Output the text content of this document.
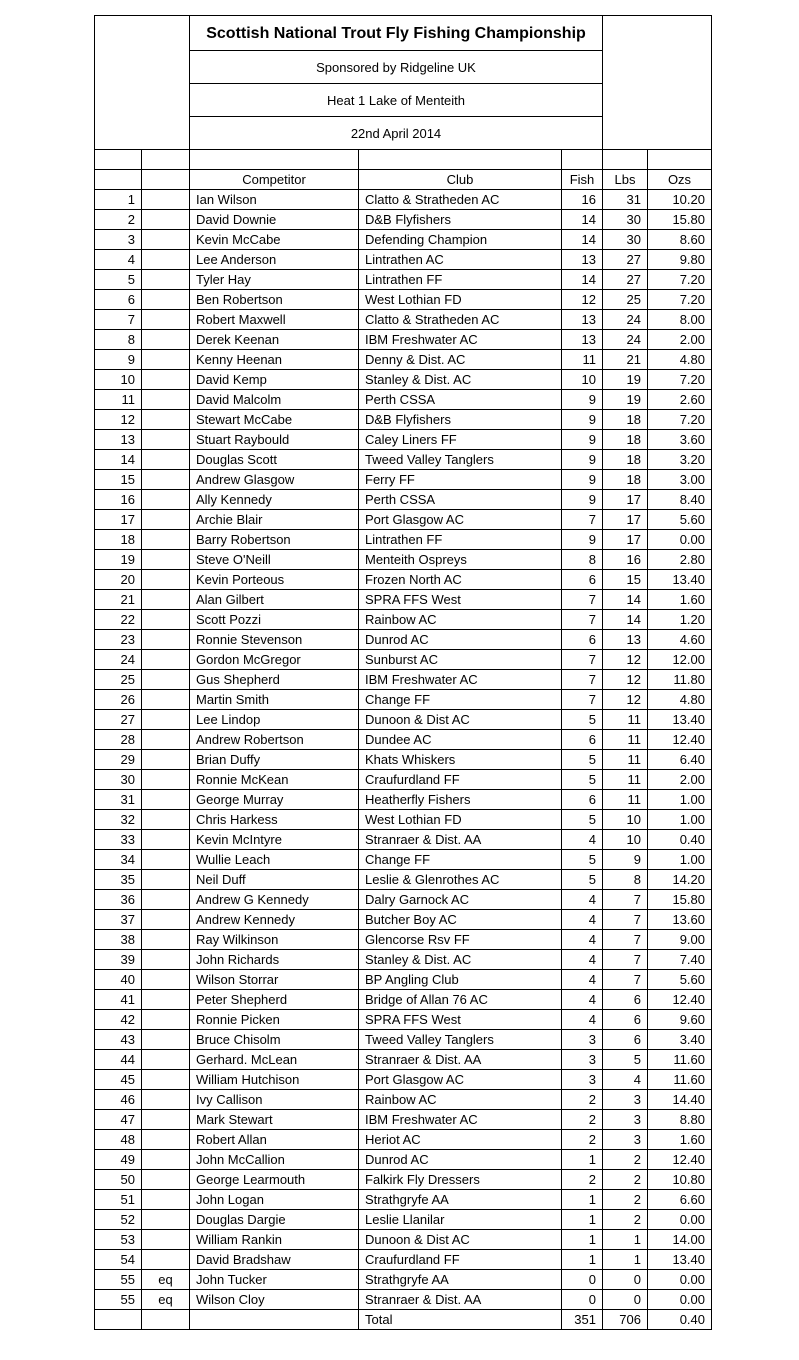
		Scottish National Trout Fly Fishing Championship				
		Sponsored by Ridgeline UK				
		Heat 1 Lake of Menteith				
		22nd April 2014				

		Competitor	Club	Fish	Lbs	Ozs
1		Ian Wilson	Clatto & Stratheden AC	16	31	10.20
2		David Downie	D&B Flyfishers	14	30	15.80
3		Kevin McCabe	Defending Champion	14	30	8.60
4		Lee Anderson	Lintrathen AC	13	27	9.80
5		Tyler Hay	Lintrathen FF	14	27	7.20
6		Ben Robertson	West Lothian FD	12	25	7.20
7		Robert Maxwell	Clatto & Stratheden AC	13	24	8.00
8		Derek Keenan	IBM Freshwater AC	13	24	2.00
9		Kenny Heenan	Denny & Dist. AC	11	21	4.80
10		David Kemp	Stanley & Dist. AC	10	19	7.20
11		David Malcolm	Perth CSSA	9	19	2.60
12		Stewart McCabe	D&B Flyfishers	9	18	7.20
13		Stuart Raybould	Caley Liners FF	9	18	3.60
14		Douglas Scott	Tweed Valley Tanglers	9	18	3.20
15		Andrew Glasgow	Ferry FF	9	18	3.00
16		Ally Kennedy	Perth CSSA	9	17	8.40
17		Archie Blair	Port Glasgow AC	7	17	5.60
18		Barry Robertson	Lintrathen FF	9	17	0.00
19		Steve O'Neill	Menteith Ospreys	8	16	2.80
20		Kevin Porteous	Frozen North AC	6	15	13.40
21		Alan Gilbert	SPRA FFS West	7	14	1.60
22		Scott Pozzi	Rainbow AC	7	14	1.20
23		Ronnie Stevenson	Dunrod AC	6	13	4.60
24		Gordon McGregor	Sunburst AC	7	12	12.00
25		Gus Shepherd	IBM Freshwater AC	7	12	11.80
26		Martin Smith	Change FF	7	12	4.80
27		Lee Lindop	Dunoon & Dist AC	5	11	13.40
28		Andrew Robertson	Dundee AC	6	11	12.40
29		Brian Duffy	Khats Whiskers	5	11	6.40
30		Ronnie McKean	Craufurdland FF	5	11	2.00
31		George Murray	Heatherfly Fishers	6	11	1.00
32		Chris Harkess	West Lothian FD	5	10	1.00
33		Kevin McIntyre	Stranraer & Dist. AA	4	10	0.40
34		Wullie Leach	Change FF	5	9	1.00
35		Neil Duff	Leslie & Glenrothes AC	5	8	14.20
36		Andrew G Kennedy	Dalry Garnock AC	4	7	15.80
37		Andrew Kennedy	Butcher Boy AC	4	7	13.60
38		Ray Wilkinson	Glencorse Rsv FF	4	7	9.00
39		John Richards	Stanley & Dist. AC	4	7	7.40
40		Wilson Storrar	BP Angling Club	4	7	5.60
41		Peter Shepherd	Bridge of Allan 76 AC	4	6	12.40
42		Ronnie Picken	SPRA FFS West	4	6	9.60
43		Bruce Chisolm	Tweed Valley Tanglers	3	6	3.40
44		Gerhard. McLean	Stranraer & Dist. AA	3	5	11.60
45		William Hutchison	Port Glasgow AC	3	4	11.60
46		Ivy Callison	Rainbow AC	2	3	14.40
47		Mark Stewart	IBM Freshwater AC	2	3	8.80
48		Robert Allan	Heriot AC	2	3	1.60
49		John McCallion	Dunrod AC	1	2	12.40
50		George Learmouth	Falkirk Fly Dressers	2	2	10.80
51		John Logan	Strathgryfe AA	1	2	6.60
52		Douglas Dargie	Leslie Llanilar	1	2	0.00
53		William Rankin	Dunoon & Dist AC	1	1	14.00
54		David Bradshaw	Craufurdland FF	1	1	13.40
55	eq	John Tucker	Strathgryfe AA	0	0	0.00
55	eq	Wilson Cloy	Stranraer & Dist. AA	0	0	0.00
			Total	351	706	0.40
